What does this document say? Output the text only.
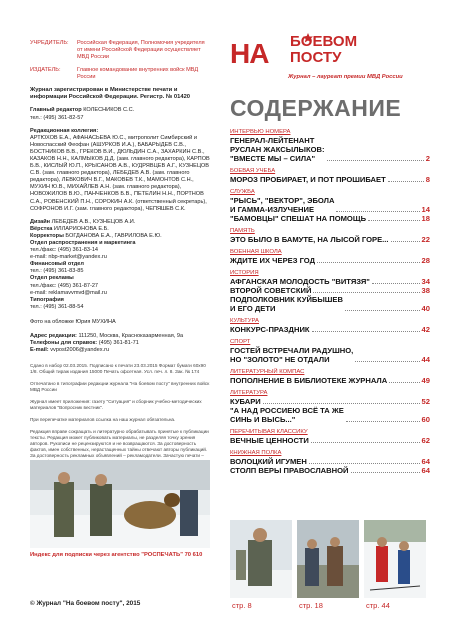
УЧРЕДИТЕЛЬ:	Российская Федерация, Полномочия учредителя от имени Российской Федерации осуществляет МВД России
ИЗДАТЕЛЬ:	Главное командование внутренних войск МВД России
Журнал зарегистрирован в Министерстве печати и информации Российской Федерации. Регистр. № 01420
Главный редактор КОЛЕСНИКОВ С.С.
тел.: (495) 361-82-57
Редакционная коллегия:
АРТЮХОВ Е.А., АФАНАСЬЕВА Ю.С., митрополит Симбирский и Новоспасский Феофан (АШУРКОВ И.А.), БАБАРЫДЕВ С.В., БОСТНИКОВ В.В., ГРЕКОВ В.И., ДЮЛЬДИН С.А., ЗАХАРКИН С.В., КАЗАКОВ Н.Н., КАЛМЫКОВ Д.Д. (зам. главного редактора), КАРПОВ Б.В., КИСЛЫЙ Ю.П., КРЫСАНОВ А.В., КУДРЯВЦЕВ А.Г., КУЗНЕЦОВ С.В. (зам. главного редактора), ЛЕБЕДЕВ А.В. (зам. главного редактора), ЛЕВКОВИЧ В.Г., МАКОВЕВ Т.К., МАМОНТОВ С.Н., МУХИН Ю.В., МИХАЙЛЕВ А.Н. (зам. главного редактора), НОВОЖИЛОВ В.Ю., ПАНЧЕНКОВ Б.В., ПЕТЕЛИН Н.Н., ПОРТНОВ С.А., РОВЕНСКИЙ П.Н., СОРОКИН А.К. (ответственный секретарь), СОФРОНОВ И.Г. (зам. главного редактора), ЧЕПЯШЕВ С.К.
Дизайн ЛЕБЕДЕВ А.В., КУЗНЕЦОВ А.И.
Вёрстка ИЛЛАРИОНОВА Е.Б.
Корректоры БОГДАНОВА Е.А., ГАВРИЛОВА Е.Ю.
Отдел распространения и маркетинга
тел./факс: (495) 361-83-14
e-mail: nbp-market@yandex.ru
Финансовый отдел
тел.: (495) 361-83-85
Отдел рекламы
тел./факс: (495) 361-87-27
e-mail: reklamavvmvd@mail.ru
Типография
тел.: (495) 361-88-54
Фото на обложке Юрия МУХИНА
Адрес редакции: 111250, Москва, Красноказарменная, 9а
Телефоны для справок: (495) 361-81-71
E-mail: vvpost2006@yandex.ru
Сдано в набор 02.03.2015. Подписано к печати 23.03.2015 Формат бумаги 60x90 1/8. Общий тираж издания 15000 Печать офсетная. Усл. печ. л. 8. Зак. № 174
Отпечатано в типографии редакции журнала "На боевом посту" внутренних войск МВД России
Журнал имеет приложения: газету "Ситуация" и сборник учебно-методических материалов "Вопросник вестник".
При перепечатке материалов ссылка на наш журнал обязательна.
Редакция вправе сокращать и литературно обрабатывать принятые к публикации тексты. Редакция может публиковать материалы, не разделяя точку зрения авторов. Рукописи не рецензируются и не возвращаются. За достоверность фактов, имен собственных, нерастащенных тайны отвечают авторы публикаций. За достоверность рекламных объявлений – рекламодатели. Зачастую печати –
Индекс для подписки через агентство "РОСПЕЧАТЬ" 70 610
© Журнал "На боевом посту", 2015
НА БОЕВОМ
ПОСТУ
Журнал – лауреат премии МВД России
СОДЕРЖАНИЕ
ИНТЕРВЬЮ НОМЕРА
ГЕНЕРАЛ-ЛЕЙТЕНАНТ
РУСЛАН ЖАКСЫЛЫКОВ:
"ВМЕСТЕ МЫ – СИЛА"	2
БОЕВАЯ УЧЕБА
МОРОЗ ПРОБИРАЕТ, И ПОТ ПРОШИБАЕТ	8
СЛУЖБА
"РЫСЬ", "ВЕКТОР", ЭБОЛА
И ГАММА-ИЗЛУЧЕНИЕ	14
"БАМОВЦЫ" СПЕШАТ НА ПОМОЩЬ	18
ПАМЯТЬ
ЭТО БЫЛО В БАМУТЕ, НА ЛЫСОЙ ГОРЕ...	22
ВОЕННАЯ ШКОЛА
ЖДИТЕ ИХ ЧЕРЕЗ ГОД	28
ИСТОРИЯ
АФГАНСКАЯ МОЛОДОСТЬ "ВИТЯЗЯ"	34
ВТОРОЙ СОВЕТСКИЙ	38
ПОДПОЛКОВНИК КУЙБЫШЕВ
И ЕГО ДЕТИ	40
КУЛЬТУРА
КОНКУРС-ПРАЗДНИК	42
СПОРТ
ГОСТЕЙ ВСТРЕЧАЛИ РАДУШНО,
НО "ЗОЛОТО" НЕ ОТДАЛИ	44
ЛИТЕРАТУРНЫЙ КОМПАС
ПОПОЛНЕНИЕ В БИБЛИОТЕКЕ ЖУРНАЛА	49
ЛИТЕРАТУРА
КУБАРИ	52
"А НАД РОССИЕЮ ВСЁ ТА ЖЕ
СИНЬ И ВЫСЬ..."	60
ПЕРЕЧИТЫВАЯ КЛАССИКУ
ВЕЧНЫЕ ЦЕННОСТИ	62
КНИЖНАЯ ПОЛКА
ВОЛОЦКИЙ ИГУМЕН	64
СТОЛП ВЕРЫ ПРАВОСЛАВНОЙ	64
стр. 8	стр. 18	стр. 44
